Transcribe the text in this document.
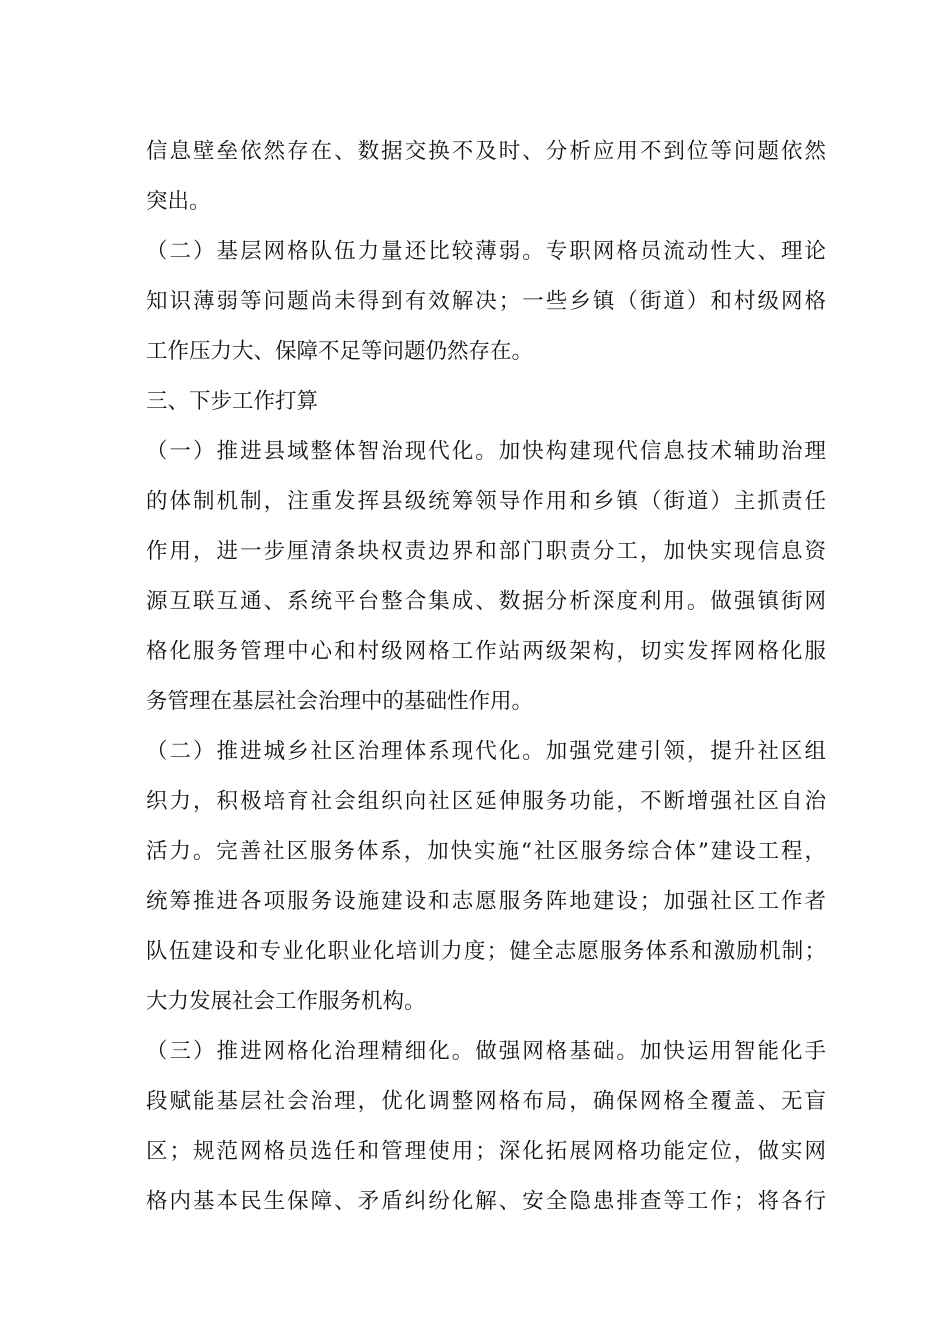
信息壁垒依然存在、数据交换不及时、分析应用不到位等问题依然
突出。
（二）基层网格队伍力量还比较薄弱。专职网格员流动性大、理论
知识薄弱等问题尚未得到有效解决；一些乡镇（街道）和村级网格
工作压力大、保障不足等问题仍然存在。
三、下步工作打算
（一）推进县域整体智治现代化。加快构建现代信息技术辅助治理
的体制机制，注重发挥县级统筹领导作用和乡镇（街道）主抓责任
作用，进一步厘清条块权责边界和部门职责分工，加快实现信息资
源互联互通、系统平台整合集成、数据分析深度利用。做强镇街网
格化服务管理中心和村级网格工作站两级架构，切实发挥网格化服
务管理在基层社会治理中的基础性作用。
（二）推进城乡社区治理体系现代化。加强党建引领，提升社区组
织力，积极培育社会组织向社区延伸服务功能，不断增强社区自治
活力。完善社区服务体系，加快实施“社区服务综合体”建设工程，
统筹推进各项服务设施建设和志愿服务阵地建设；加强社区工作者
队伍建设和专业化职业化培训力度；健全志愿服务体系和激励机制；
大力发展社会工作服务机构。
（三）推进网格化治理精细化。做强网格基础。加快运用智能化手
段赋能基层社会治理，优化调整网格布局，确保网格全覆盖、无盲
区；规范网格员选任和管理使用；深化拓展网格功能定位，做实网
格内基本民生保障、矛盾纠纷化解、安全隐患排查等工作；将各行
